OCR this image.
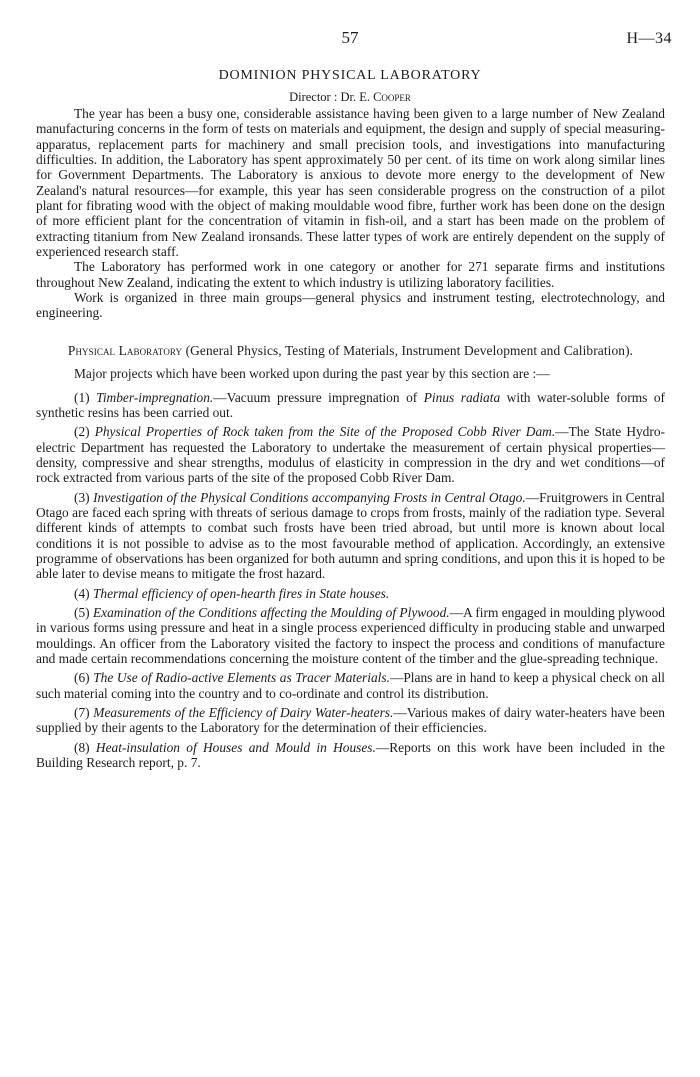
57	H—34
DOMINION PHYSICAL LABORATORY
Director : Dr. E. Cooper

The year has been a busy one, considerable assistance having been given to a large number of New Zealand manufacturing concerns in the form of tests on materials and equipment, the design and supply of special measuring-apparatus, replacement parts for machinery and small precision tools, and investigations into manufacturing difficulties. In addition, the Laboratory has spent approximately 50 per cent. of its time on work along similar lines for Government Departments. The Laboratory is anxious to devote more energy to the development of New Zealand's natural resources—for example, this year has seen considerable progress on the construction of a pilot plant for fibrating wood with the object of making mouldable wood fibre, further work has been done on the design of more efficient plant for the concentration of vitamin in fish-oil, and a start has been made on the problem of extracting titanium from New Zealand ironsands. These latter types of work are entirely dependent on the supply of experienced research staff.

The Laboratory has performed work in one category or another for 271 separate firms and institutions throughout New Zealand, indicating the extent to which industry is utilizing laboratory facilities.

Work is organized in three main groups—general physics and instrument testing, electrotechnology, and engineering.

Physical Laboratory (General Physics, Testing of Materials, Instrument Development and Calibration).

Major projects which have been worked upon during the past year by this section are :—

(1) Timber-impregnation.—Vacuum pressure impregnation of Pinus radiata with water-soluble forms of synthetic resins has been carried out.

(2) Physical Properties of Rock taken from the Site of the Proposed Cobb River Dam.—The State Hydro-electric Department has requested the Laboratory to undertake the measurement of certain physical properties—density, compressive and shear strengths, modulus of elasticity in compression in the dry and wet conditions—of rock extracted from various parts of the site of the proposed Cobb River Dam.

(3) Investigation of the Physical Conditions accompanying Frosts in Central Otago.—Fruitgrowers in Central Otago are faced each spring with threats of serious damage to crops from frosts, mainly of the radiation type. Several different kinds of attempts to combat such frosts have been tried abroad, but until more is known about local conditions it is not possible to advise as to the most favourable method of application. Accordingly, an extensive programme of observations has been organized for both autumn and spring conditions, and upon this it is hoped to be able later to devise means to mitigate the frost hazard.

(4) Thermal efficiency of open-hearth fires in State houses.

(5) Examination of the Conditions affecting the Moulding of Plywood.—A firm engaged in moulding plywood in various forms using pressure and heat in a single process experienced difficulty in producing stable and unwarped mouldings. An officer from the Laboratory visited the factory to inspect the process and conditions of manufacture and made certain recommendations concerning the moisture content of the timber and the glue-spreading technique.

(6) The Use of Radio-active Elements as Tracer Materials.—Plans are in hand to keep a physical check on all such material coming into the country and to co-ordinate and control its distribution.

(7) Measurements of the Efficiency of Dairy Water-heaters.—Various makes of dairy water-heaters have been supplied by their agents to the Laboratory for the determination of their efficiencies.

(8) Heat-insulation of Houses and Mould in Houses.—Reports on this work have been included in the Building Research report, p. 7.
